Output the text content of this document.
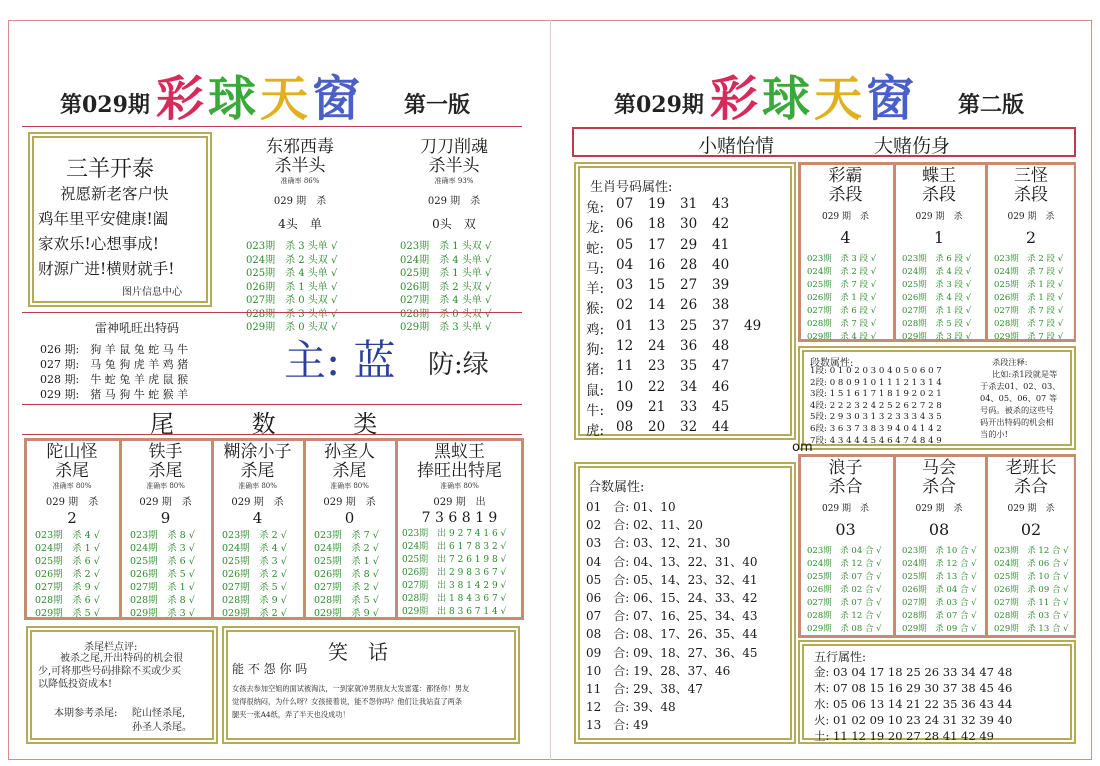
第029期 彩球天窗 第一版
三羊开泰
祝愿新老客户快
鸡年里平安健康!阖
家欢乐!心想事成!
财源广进!横财就手!
图片信息中心
东邪西毒
杀半头
准确率 86%
029 期　杀
4头　单
023期　杀 3 头单 √
024期　杀 2 头双 √
025期　杀 4 头单 √
026期　杀 1 头单 √
027期　杀 0 头双 √
028期　杀 3 头单 √
029期　杀 0 头双 √
刀刀削魂
杀半头
准确率 93%
029 期　杀
0头　双
023期　杀 1 头双 √
024期　杀 4 头单 √
025期　杀 1 头单 √
026期　杀 2 头双 √
027期　杀 4 头单 √
028期　杀 0 头双 √
029期　杀 3 头单 √
雷神吼旺出特码
026 期:　狗 羊 鼠 兔 蛇 马 牛
027 期:　马 兔 狗 虎 羊 鸡 猪
028 期:　牛 蛇 兔 羊 虎 鼠 猴
029 期:　猪 马 狗 牛 蛇 猴 羊
主: 蓝 防:绿
尾	数	类
陀山怪
杀尾
准确率 80%
029 期　杀
2
023期　杀 4 √
024期　杀 1 √
025期　杀 6 √
026期　杀 2 √
027期　杀 9 √
028期　杀 6 √
029期　杀 5 √
铁手
杀尾
准确率 80%
029 期　杀
9
023期　杀 8 √
024期　杀 3 √
025期　杀 6 √
026期　杀 5 √
027期　杀 1 √
028期　杀 8 √
029期　杀 3 √
糊涂小子
杀尾
准确率 80%
029 期　杀
4
023期　杀 2 √
024期　杀 4 √
025期　杀 3 √
026期　杀 2 √
027期　杀 5 √
028期　杀 9 √
029期　杀 2 √
孙圣人
杀尾
准确率 80%
029 期　杀
0
023期　杀 7 √
024期　杀 2 √
025期　杀 1 √
026期　杀 8 √
027期　杀 2 √
028期　杀 5 √
029期　杀 9 √
黑蚁王
捧旺出特尾
准确率 80%
029 期　出
7 3 6 8 1 9
023期　出 9 2 7 4 1 6 √
024期　出 6 1 7 8 3 2 √
025期　出 7 2 6 1 9 8 √
026期　出 2 9 8 3 6 7 √
027期　出 3 8 1 4 2 9 √
028期　出 1 8 4 3 6 7 √
029期　出 8 3 6 7 1 4 √
杀尾栏点评:
被杀之尾,开出特码的机会很
少,可将那些号码排除不买或少买
以降低投资成本!
本期参考杀尾: 陀山怪杀尾,
孙圣人杀尾。
笑　话
能 不 怨 你 吗
女孩去参加空姐的面试被淘汰，一到家就冲男朋友大发雷霆：都怪你！男友
觉得很纳闷，为什么呀？女孩接着说，能不怨你吗？他们让我站直了两条
腿夹一张A4纸，弄了半天也没成功！
第029期 彩球天窗 第二版
小赌怡情	大赌伤身
生肖号码属性:
兔: 07 19 31 43
龙: 06 18 30 42
蛇: 05 17 29 41
马: 04 16 28 40
羊: 03 15 27 39
猴: 02 14 26 38
鸡: 01 13 25 37 49
狗: 12 24 36 48
猪: 11 23 35 47
鼠: 10 22 34 46
牛: 09 21 33 45
虎: 08 20 32 44
彩霸
杀段
029 期　杀
4
023期　杀 3 段 √
024期　杀 2 段 √
025期　杀 7 段 √
026期　杀 1 段 √
027期　杀 6 段 √
028期　杀 7 段 √
029期　杀 4 段 √
蝶王
杀段
029 期　杀
1
023期　杀 6 段 √
024期　杀 4 段 √
025期　杀 3 段 √
026期　杀 4 段 √
027期　杀 1 段 √
028期　杀 5 段 √
029期　杀 3 段 √
三怪
杀段
029 期　杀
2
023期　杀 2 段 √
024期　杀 7 段 √
025期　杀 1 段 √
026期　杀 1 段 √
027期　杀 7 段 √
028期　杀 7 段 √
029期　杀 7 段 √
段数属性:
1段: 0 1 0 2 0 3 0 4 0 5 0 6 0 7
2段: 0 8 0 9 1 0 1 1 1 2 1 3 1 4
3段: 1 5 1 6 1 7 1 8 1 9 2 0 2 1
4段: 2 2 2 3 2 4 2 5 2 6 2 7 2 8
5段: 2 9 3 0 3 1 3 2 3 3 3 4 3 5
6段: 3 6 3 7 3 8 3 9 4 0 4 1 4 2
7段: 4 3 4 4 4 5 4 6 4 7 4 8 4 9
杀段注释:
比如:杀1段就是等
于杀去01、02、03、
04、05、06、07 等
号码。被杀的这些号
码开出特码的机会相
当的小!
om
合数属性:
01　合: 01、10
02　合: 02、11、20
03　合: 03、12、21、30
04　合: 04、13、22、31、40
05　合: 05、14、23、32、41
06　合: 06、15、24、33、42
07　合: 07、16、25、34、43
08　合: 08、17、26、35、44
09　合: 09、18、27、36、45
10　合: 19、28、37、46
11　合: 29、38、47
12　合: 39、48
13　合: 49
浪子
杀合
029 期　杀
03
023期　杀 04 合 √
024期　杀 12 合 √
025期　杀 07 合 √
026期　杀 02 合 √
027期　杀 07 合 √
028期　杀 12 合 √
029期　杀 08 合 √
马会
杀合
029 期　杀
08
023期　杀 10 合 √
024期　杀 12 合 √
025期　杀 13 合 √
026期　杀 04 合 √
027期　杀 03 合 √
028期　杀 07 合 √
029期　杀 09 合 √
老班长
杀合
029 期　杀
02
023期　杀 12 合 √
024期　杀 06 合 √
025期　杀 10 合 √
026期　杀 09 合 √
027期　杀 11 合 √
028期　杀 03 合 √
029期　杀 13 合 √
五行属性:
金: 03 04 17 18 25 26 33 34 47 48
木: 07 08 15 16 29 30 37 38 45 46
水: 05 06 13 14 21 22 35 36 43 44
火: 01 02 09 10 23 24 31 32 39 40
土: 11 12 19 20 27 28 41 42 49
